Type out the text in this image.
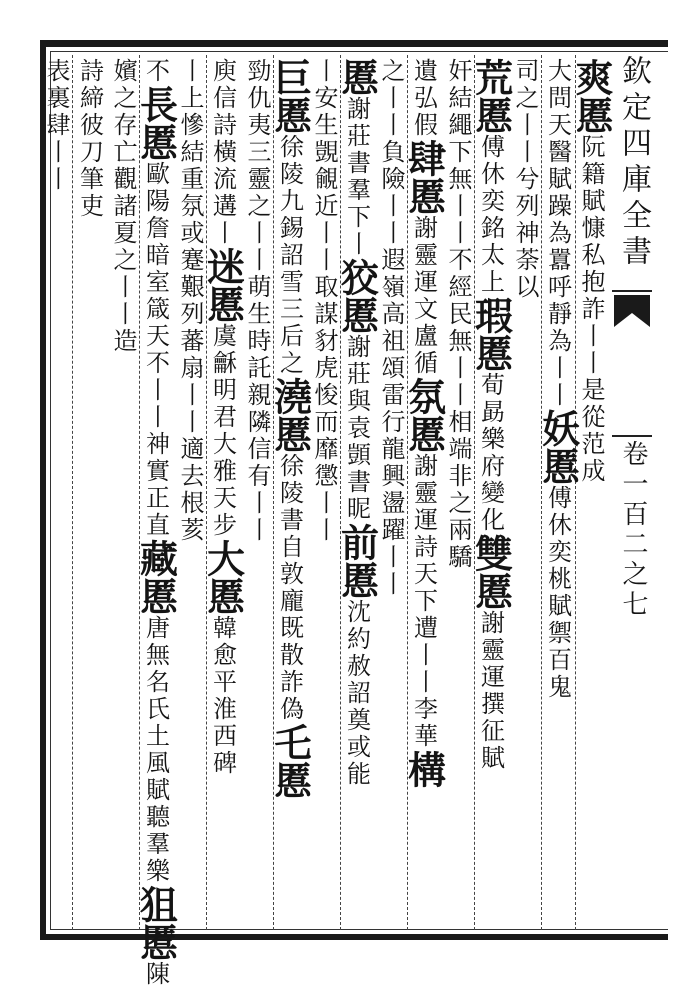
欽定四庫全書
卷一百二之七
爽慝阮籍賦慷私抱詐丨丨是從范成
大問天醫賦躁為囂呼靜為丨丨妖慝傅休奕桃賦禦百鬼
司之丨丨兮列神荼以
荒慝傅休奕銘太上瑕慝荀勗樂府變化雙慝謝靈運撰征賦
奸結繩下無丨丨不經民無丨丨相端非之兩驕
遺弘假肆慝謝靈運文盧循氛慝謝靈運詩天下遭丨丨李華構
之丨丨負險丨丨遐嶺高祖頌雷行龍興盪躍丨丨
慝謝莊書羣下丨狡慝謝莊與袁顗書昵前慝沈約赦詔奠或能
丨安生覬覦近丨丨取謀豺虎悛而靡懲丨丨
巨慝徐陵九錫詔雪三后之澆慝徐陵書自敦龐既散詐偽乇慝
勁仇夷三靈之丨丨萌生時託親隣信有丨丨
庾信詩橫流遘丨迷慝虞龢明君大雅天步大慝韓愈平淮西碑
丨上慘結重氛或蹇艱列蕃扇丨丨適去根荄
不長慝歐陽詹暗室箴天不丨丨神實正直藏慝唐無名氏土風賦聽羣樂狙慝陳
嬪之存亡觀諸夏之丨丨造
詩締彼刀筆吏
表裏肆丨丨
